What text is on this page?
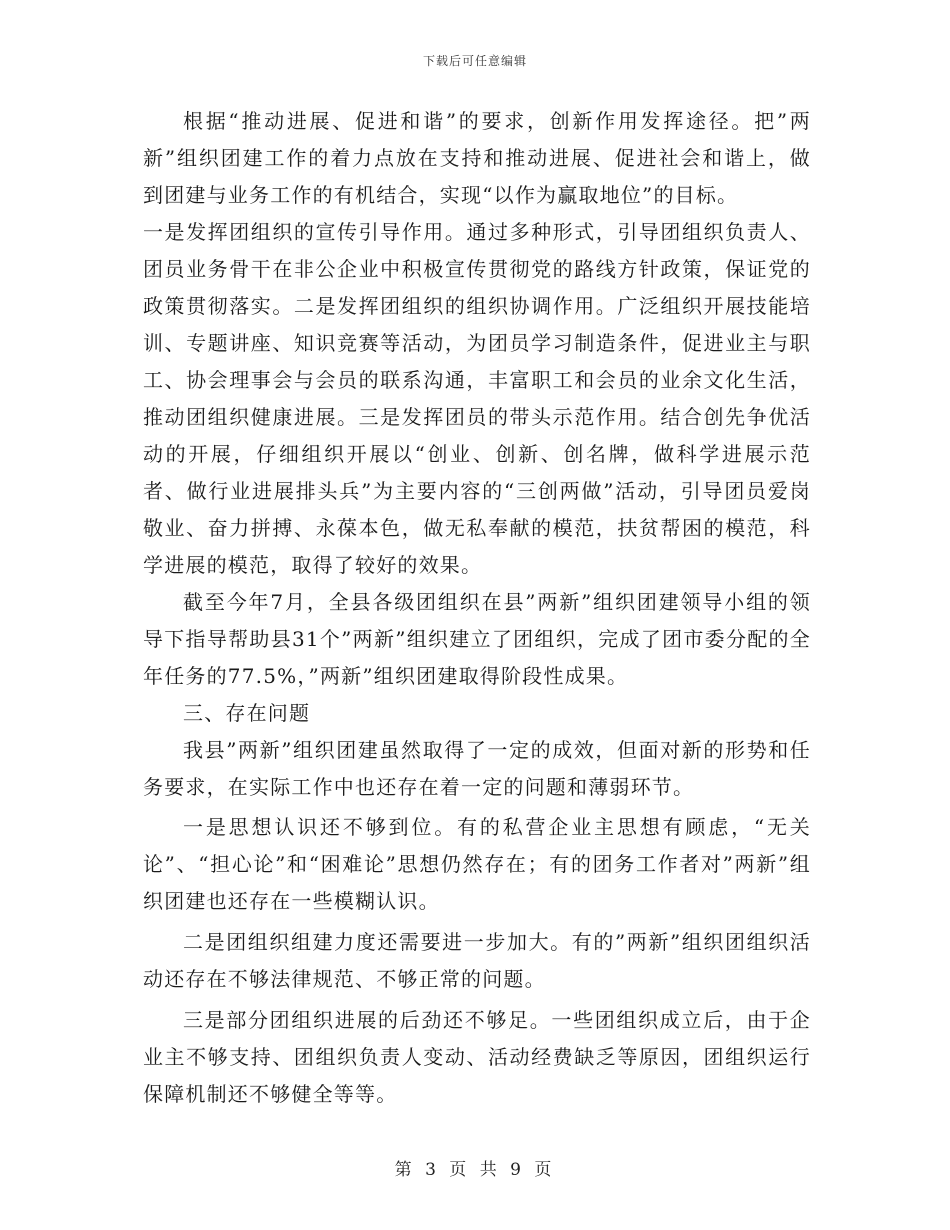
下载后可任意编辑

根据“推动进展、促进和谐”的要求，创新作用发挥途径。把”两新”组织团建工作的着力点放在支持和推动进展、促进社会和谐上，做到团建与业务工作的有机结合，实现“以作为赢取地位”的目标。

一是发挥团组织的宣传引导作用。通过多种形式，引导团组织负责人、团员业务骨干在非公企业中积极宣传贯彻党的路线方针政策，保证党的政策贯彻落实。二是发挥团组织的组织协调作用。广泛组织开展技能培训、专题讲座、知识竞赛等活动，为团员学习制造条件，促进业主与职工、协会理事会与会员的联系沟通，丰富职工和会员的业余文化生活，推动团组织健康进展。三是发挥团员的带头示范作用。结合创先争优活动的开展，仔细组织开展以“创业、创新、创名牌，做科学进展示范者、做行业进展排头兵”为主要内容的“三创两做”活动，引导团员爱岗敬业、奋力拼搏、永葆本色，做无私奉献的模范，扶贫帮困的模范，科学进展的模范，取得了较好的效果。

截至今年7月，全县各级团组织在县”两新”组织团建领导小组的领导下指导帮助县31个”两新”组织建立了团组织，完成了团市委分配的全年任务的77.5%，”两新”组织团建取得阶段性成果。

三、存在问题

我县”两新”组织团建虽然取得了一定的成效，但面对新的形势和任务要求，在实际工作中也还存在着一定的问题和薄弱环节。

一是思想认识还不够到位。有的私营企业主思想有顾虑，“无关论”、“担心论”和“困难论”思想仍然存在；有的团务工作者对”两新”组织团建也还存在一些模糊认识。

二是团组织组建力度还需要进一步加大。有的”两新”组织团组织活动还存在不够法律规范、不够正常的问题。

三是部分团组织进展的后劲还不够足。一些团组织成立后，由于企业主不够支持、团组织负责人变动、活动经费缺乏等原因，团组织运行保障机制还不够健全等等。

第 3 页 共 9 页
